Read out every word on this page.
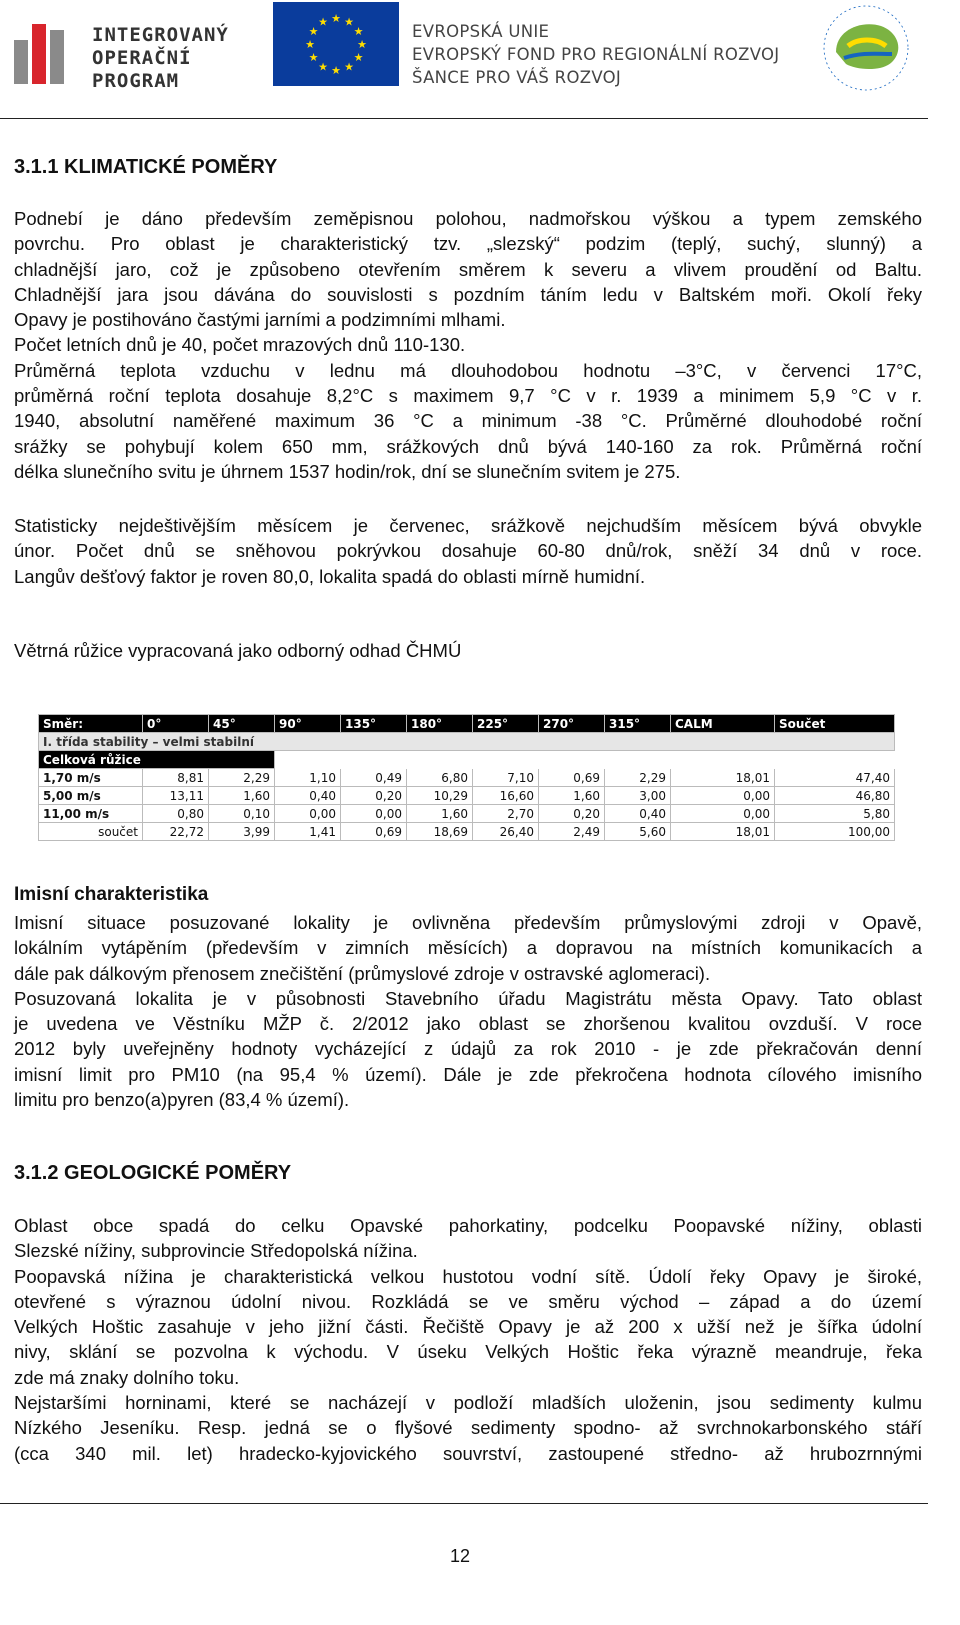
INTEGROVANÝ
OPERAČNÍ
PROGRAM
★ ★
★
★
★
★
★
★
★
★
★
★	EVROPSKÁ UNIE
EVROPSKÝ FOND PRO REGIONÁLNÍ ROZVOJ
ŠANCE PRO VÁŠ ROZVOJ
3.1.1 KLIMATICKÉ POMĚRY
Podnebí je dáno především zeměpisnou polohou, nadmořskou výškou a typem zemského
povrchu. Pro oblast je charakteristický tzv. „slezský“ podzim (teplý, suchý, slunný) a
chladnější jaro, což je způsobeno otevřením směrem k severu a vlivem proudění od Baltu.
Chladnější jara jsou dávána do souvislosti s pozdním táním ledu v Baltském moři. Okolí řeky
Opavy je postihováno častými jarními a podzimními mlhami.
Počet letních dnů je 40, počet mrazových dnů 110-130.
Průměrná teplota vzduchu v lednu má dlouhodobou hodnotu –3°C, v červenci 17°C,
průměrná roční teplota dosahuje 8,2°C s maximem 9,7 °C v r. 1939 a minimem 5,9 °C v r.
1940, absolutní naměřené maximum 36 °C a minimum -38 °C. Průměrné dlouhodobé roční
srážky se pohybují kolem 650 mm, srážkových dnů bývá 140-160 za rok. Průměrná roční
délka slunečního svitu je úhrnem 1537 hodin/rok, dní se slunečním svitem je 275.
Statisticky nejdeštivějším měsícem je červenec, srážkově nejchudším měsícem bývá obvykle
únor. Počet dnů se sněhovou pokrývkou dosahuje 60-80 dnů/rok, sněží 34 dnů v roce.
Langův dešťový faktor je roven 80,0, lokalita spadá do oblasti mírně humidní.
Větrná růžice vypracovaná jako odborný odhad ČHMÚ
Směr:	0°	45°	90°	135°	180°	225°	270°	315°	CALM	Součet
I. třída stability – velmi stabilní										
Celková růžice										
1,70 m/s	8,81	2,29	1,10	0,49	6,80	7,10	0,69	2,29	18,01	47,40
5,00 m/s	13,11	1,60	0,40	0,20	10,29	16,60	1,60	3,00	0,00	46,80
11,00 m/s	0,80	0,10	0,00	0,00	1,60	2,70	0,20	0,40	0,00	5,80
součet	22,72	3,99	1,41	0,69	18,69	26,40	2,49	5,60	18,01	100,00
Imisní charakteristika
Imisní situace posuzované lokality je ovlivněna především průmyslovými zdroji v Opavě,
lokálním vytápěním (především v zimních měsících) a dopravou na místních komunikacích a
dále pak dálkovým přenosem znečištění (průmyslové zdroje v ostravské aglomeraci).
Posuzovaná lokalita je v působnosti Stavebního úřadu Magistrátu města Opavy. Tato oblast
je uvedena ve Věstníku MŽP č. 2/2012 jako oblast se zhoršenou kvalitou ovzduší. V roce
2012 byly uveřejněny hodnoty vycházející z údajů za rok 2010 - je zde překračován denní
imisní limit pro PM10 (na 95,4 % území). Dále je zde překročena hodnota cílového imisního
limitu pro benzo(a)pyren (83,4 % území).
3.1.2 GEOLOGICKÉ POMĚRY
Oblast obce spadá do celku Opavské pahorkatiny, podcelku Poopavské nížiny, oblasti
Slezské nížiny, subprovincie Středopolská nížina.
Poopavská nížina je charakteristická velkou hustotou vodní sítě. Údolí řeky Opavy je široké,
otevřené s výraznou údolní nivou. Rozkládá se ve směru východ – západ a do území
Velkých Hoštic zasahuje v jeho jižní části. Řečiště Opavy je až 200 x užší než je šířka údolní
nivy, sklání se pozvolna k východu. V úseku Velkých Hoštic řeka výrazně meandruje, řeka
zde má znaky dolního toku.
Nejstaršími horninami, které se nacházejí v podloží mladších uloženin, jsou sedimenty kulmu
Nízkého Jeseníku. Resp. jedná se o flyšové sedimenty spodno- až svrchnokarbonského stáří
(cca 340 mil. let) hradecko-kyjovického souvrství, zastoupené středno- až hrubozrnnými
12
